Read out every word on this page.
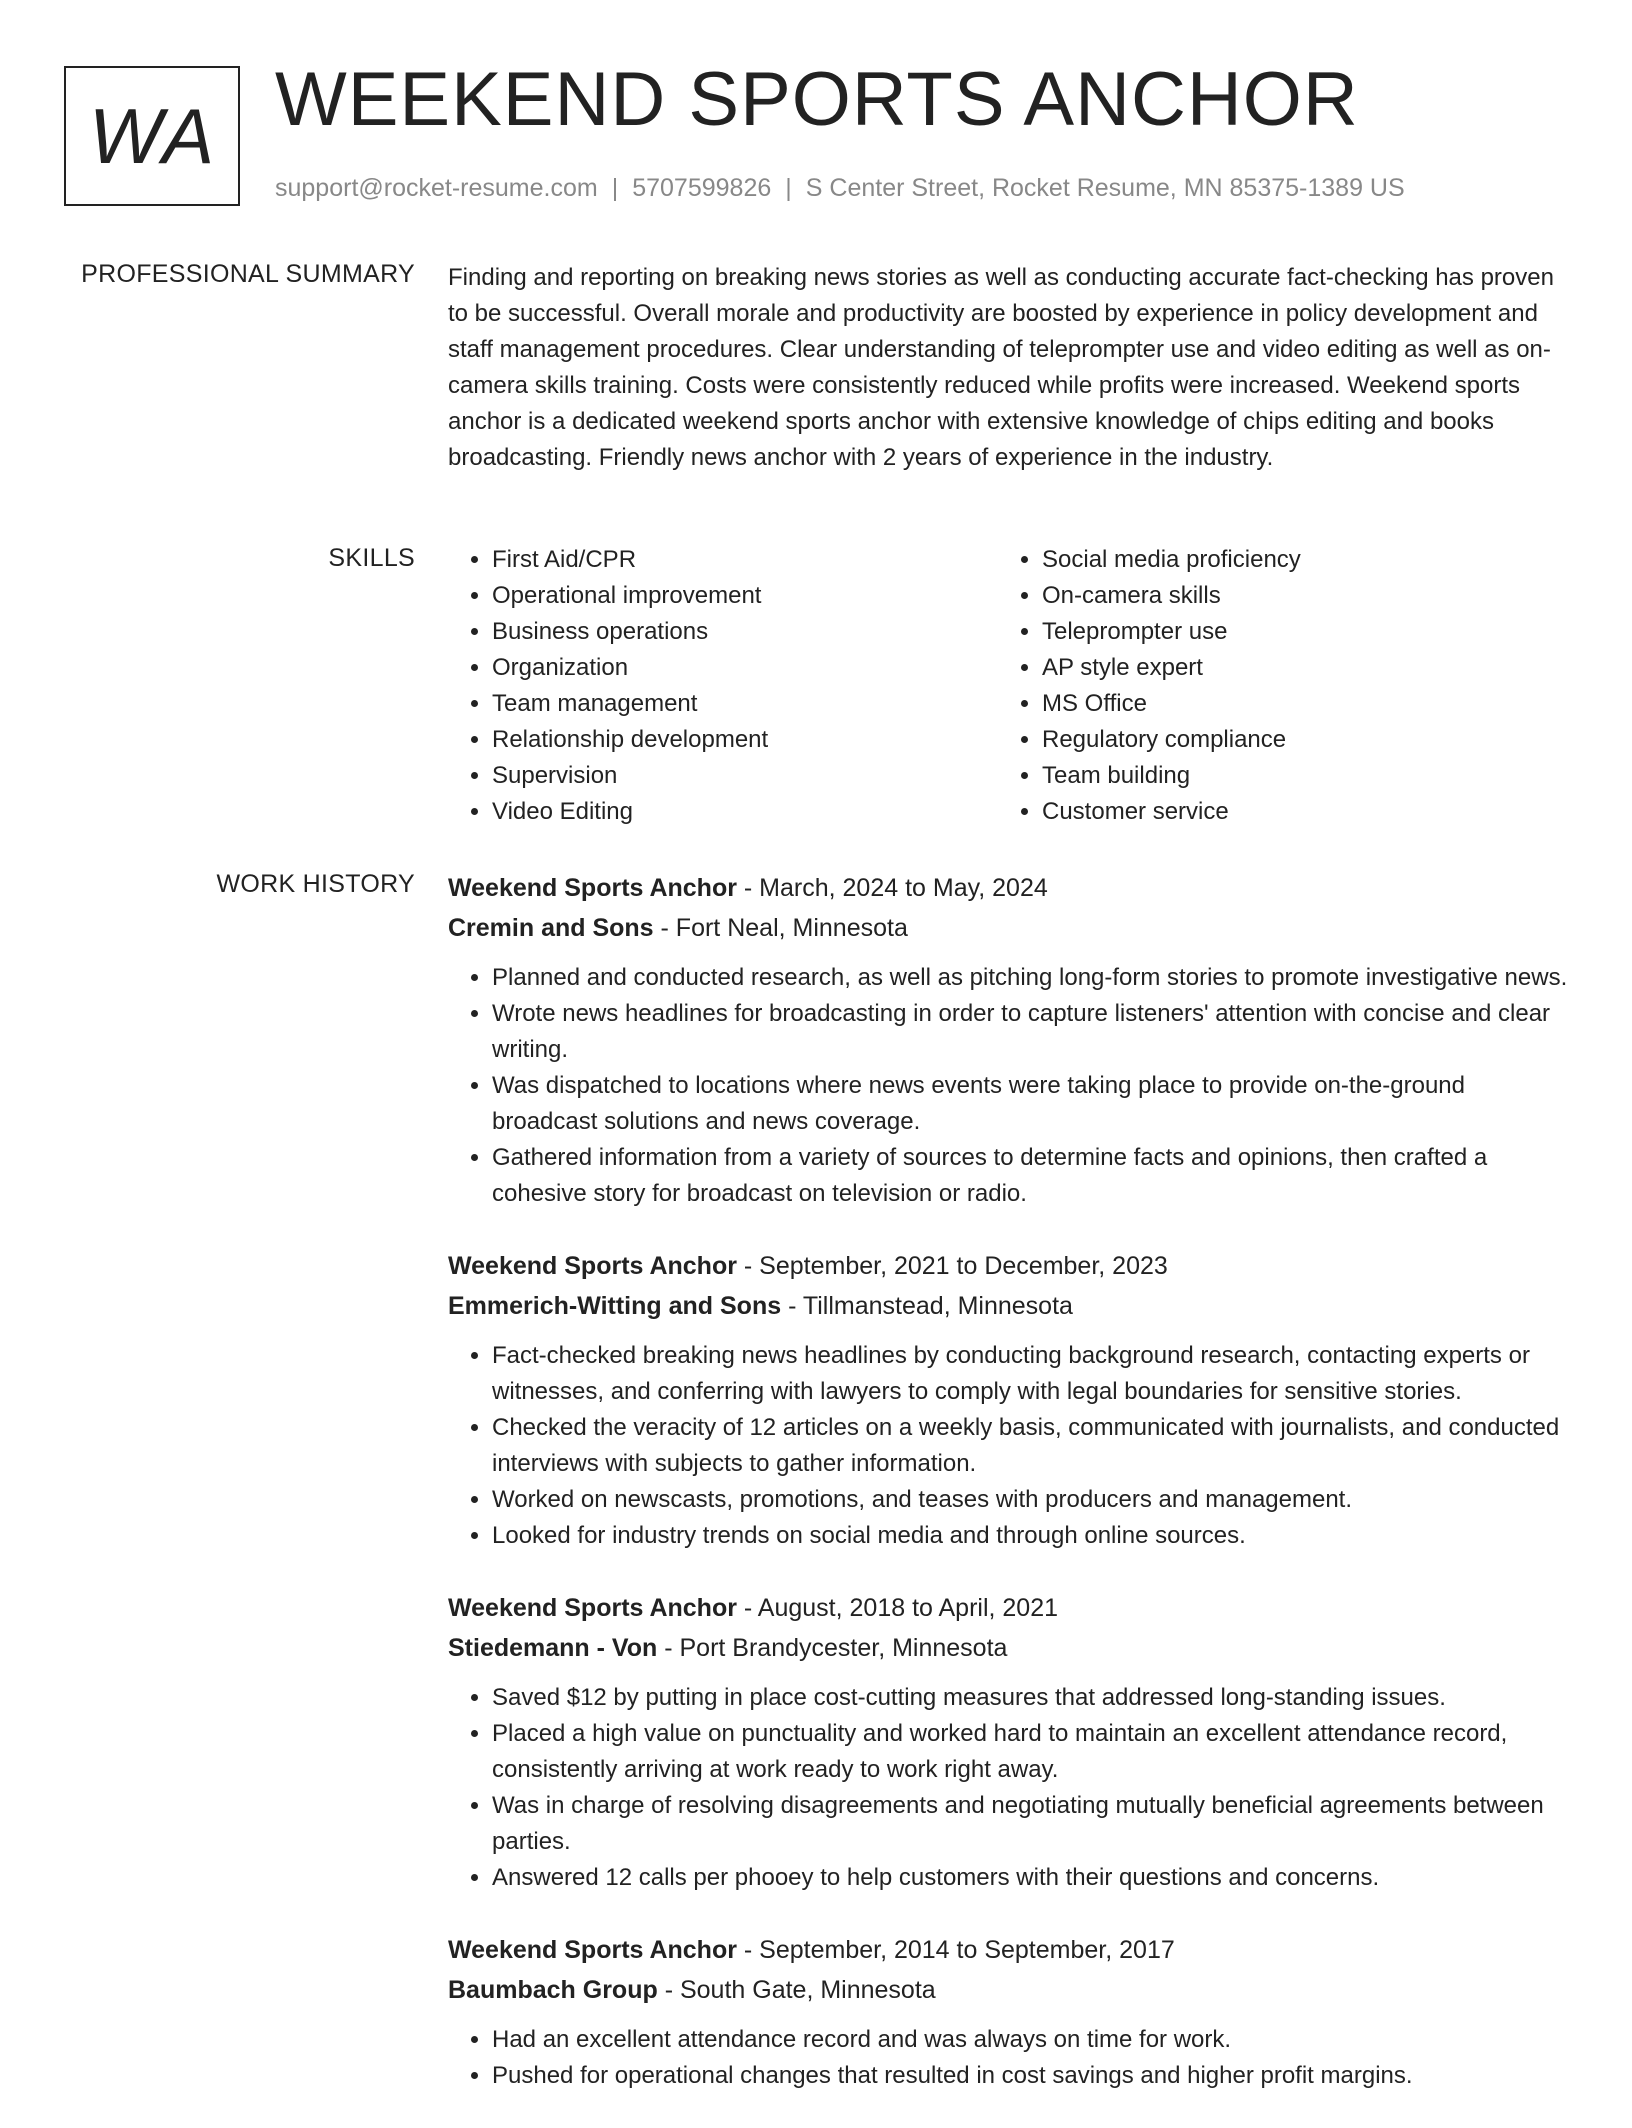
WA WEEKEND SPORTS ANCHOR
support@rocket-resume.com | 5707599826 | S Center Street, Rocket Resume, MN 85375-1389 US
PROFESSIONAL SUMMARY Finding and reporting on breaking news stories as well as conducting accurate fact-checking has proven to be successful. Overall morale and productivity are boosted by experience in policy development and staff management procedures. Clear understanding of teleprompter use and video editing as well as on-camera skills training. Costs were consistently reduced while profits were increased. Weekend sports anchor is a dedicated weekend sports anchor with extensive knowledge of chips editing and books broadcasting. Friendly news anchor with 2 years of experience in the industry.
SKILLS
•	First Aid/CPR
• Operational improvement
• Business operations
• Organization
• Team management
• Relationship development
• Supervision
• Video Editing
• Social media proficiency
• On-camera skills
• Teleprompter use
• AP style expert
• MS Office
• Regulatory compliance
• Team building
• Customer service
WORK HISTORY Weekend Sports Anchor - March, 2024 to May, 2024
Cremin and Sons - Fort Neal, Minnesota
• Planned and conducted research, as well as pitching long-form stories to promote investigative news.
• Wrote news headlines for broadcasting in order to capture listeners' attention with concise and clear writing.
• Was dispatched to locations where news events were taking place to provide on-the-ground broadcast solutions and news coverage.
• Gathered information from a variety of sources to determine facts and opinions, then crafted a cohesive story for broadcast on television or radio.
Weekend Sports Anchor - September, 2021 to December, 2023
Emmerich-Witting and Sons - Tillmanstead, Minnesota
• Fact-checked breaking news headlines by conducting background research, contacting experts or witnesses, and conferring with lawyers to comply with legal boundaries for sensitive stories.
• Checked the veracity of 12 articles on a weekly basis, communicated with journalists, and conducted interviews with subjects to gather information.
• Worked on newscasts, promotions, and teases with producers and management.
• Looked for industry trends on social media and through online sources.
Weekend Sports Anchor - August, 2018 to April, 2021
Stiedemann - Von - Port Brandycester, Minnesota
• Saved $12 by putting in place cost-cutting measures that addressed long-standing issues.
• Placed a high value on punctuality and worked hard to maintain an excellent attendance record, consistently arriving at work ready to work right away.
• Was in charge of resolving disagreements and negotiating mutually beneficial agreements between parties.
• Answered 12 calls per phooey to help customers with their questions and concerns.
Weekend Sports Anchor - September, 2014 to September, 2017
Baumbach Group - South Gate, Minnesota
• Had an excellent attendance record and was always on time for work.
• Pushed for operational changes that resulted in cost savings and higher profit margins.
